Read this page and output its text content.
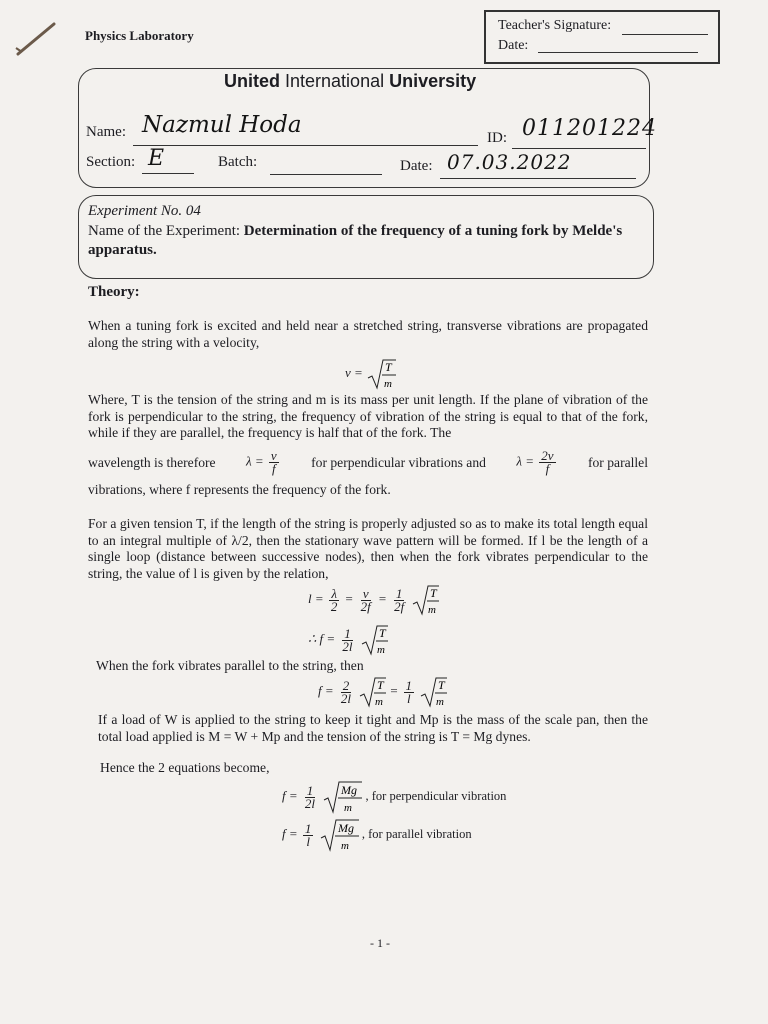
Physics Laboratory
Teacher's Signature:
Date:
United International University
Name: Nazmul Hoda	ID: 011201224
Section: E	Batch:	Date: 07.03.2022
Experiment No. 04
Name of the Experiment: Determination of the frequency of a tuning fork by Melde's apparatus.
Theory:
When a tuning fork is excited and held near a stretched string, transverse vibrations are propagated along the string with a velocity,
v = T
m
Where, T is the tension of the string and m is its mass per unit length. If the plane of vibration of the fork is perpendicular to the string, the frequency of vibration of the string is equal to that of the fork, while if they are parallel, the frequency is half that of the fork. The
wavelength is therefore $\lambda = \frac{v}{f}$ for perpendicular vibrations and $\lambda = \frac{2v}{f}$ for parallel
vibrations, where f represents the frequency of the fork.
For a given tension T, if the length of the string is properly adjusted so as to make its total length equal to an integral multiple of λ/2, then the stationary wave pattern will be formed. If l be the length of a single loop (distance between successive nodes), then when the fork vibrates perpendicular to the string, the value of l is given by the relation,
$l = \frac{\lambda}{2} = \frac{v}{2f} = \frac{1}{2f}$
T
m
∴ $f = \frac{1}{2l}$
T
m
When the fork vibrates parallel to the string, then
$f = \frac{2}{2l}$
T
m
= $\frac{1}{l}$
T
m
If a load of W is applied to the string to keep it tight and Mp is the mass of the scale pan, then the total load applied is M = W + Mp and the tension of the string is T = Mg dynes.
Hence the 2 equations become,
$f = \frac{1}{2l}$
Mg
m
, for perpendicular vibration
$f = \frac{1}{l}$
Mg
m
, for parallel vibration
- 1 -
